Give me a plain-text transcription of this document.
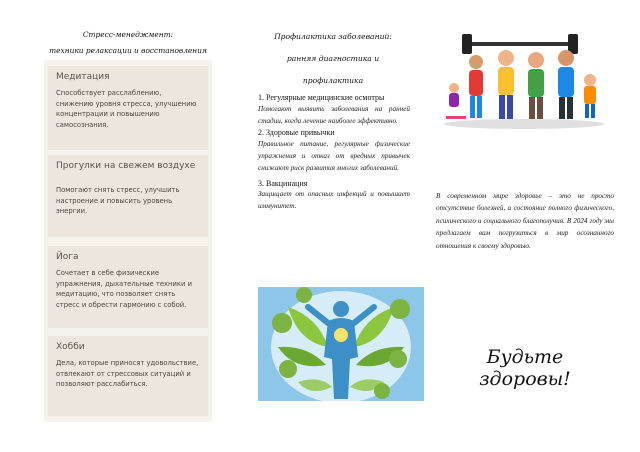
Стресс-менеджмент:
техники релаксации и восстановления
Медитация
Способствует расслаблению, снижению уровня стресса, улучшению концентрации и повышению самосознания.
Прогулки на свежем воздухе
Помогают снять стресс, улучшить настроение и повысить уровень энергии.
Йога
Сочетает в себе физические упражнения, дыхательные техники и медитацию, что позволяет снять стресс и обрести гармонию с собой.
Хобби
Дела, которые приносят удовольствие, отвлекают от стрессовых ситуаций и позволяют расслабиться.
Профилактика заболеваний:
ранняя диагностика и
профилактика
1. Регулярные медицинские осмотры
Помогают выявить заболевания на ранней стадии, когда лечение наиболее эффективно.
2. Здоровые привычки
Правильное питание, регулярные физические упражнения и отказ от вредных привычек снижают риск развития многих заболеваний.
3. Вакцинация
Защищает от опасных инфекций и повышает иммунитет.
В современном мире здоровье – это не просто отсутствие болезней, а состояние полного физического, психического и социального благополучия. В 2024 году мы предлагаем вам погрузиться в мир осознанного отношения к своему здоровью.
Будьте здоровы!
